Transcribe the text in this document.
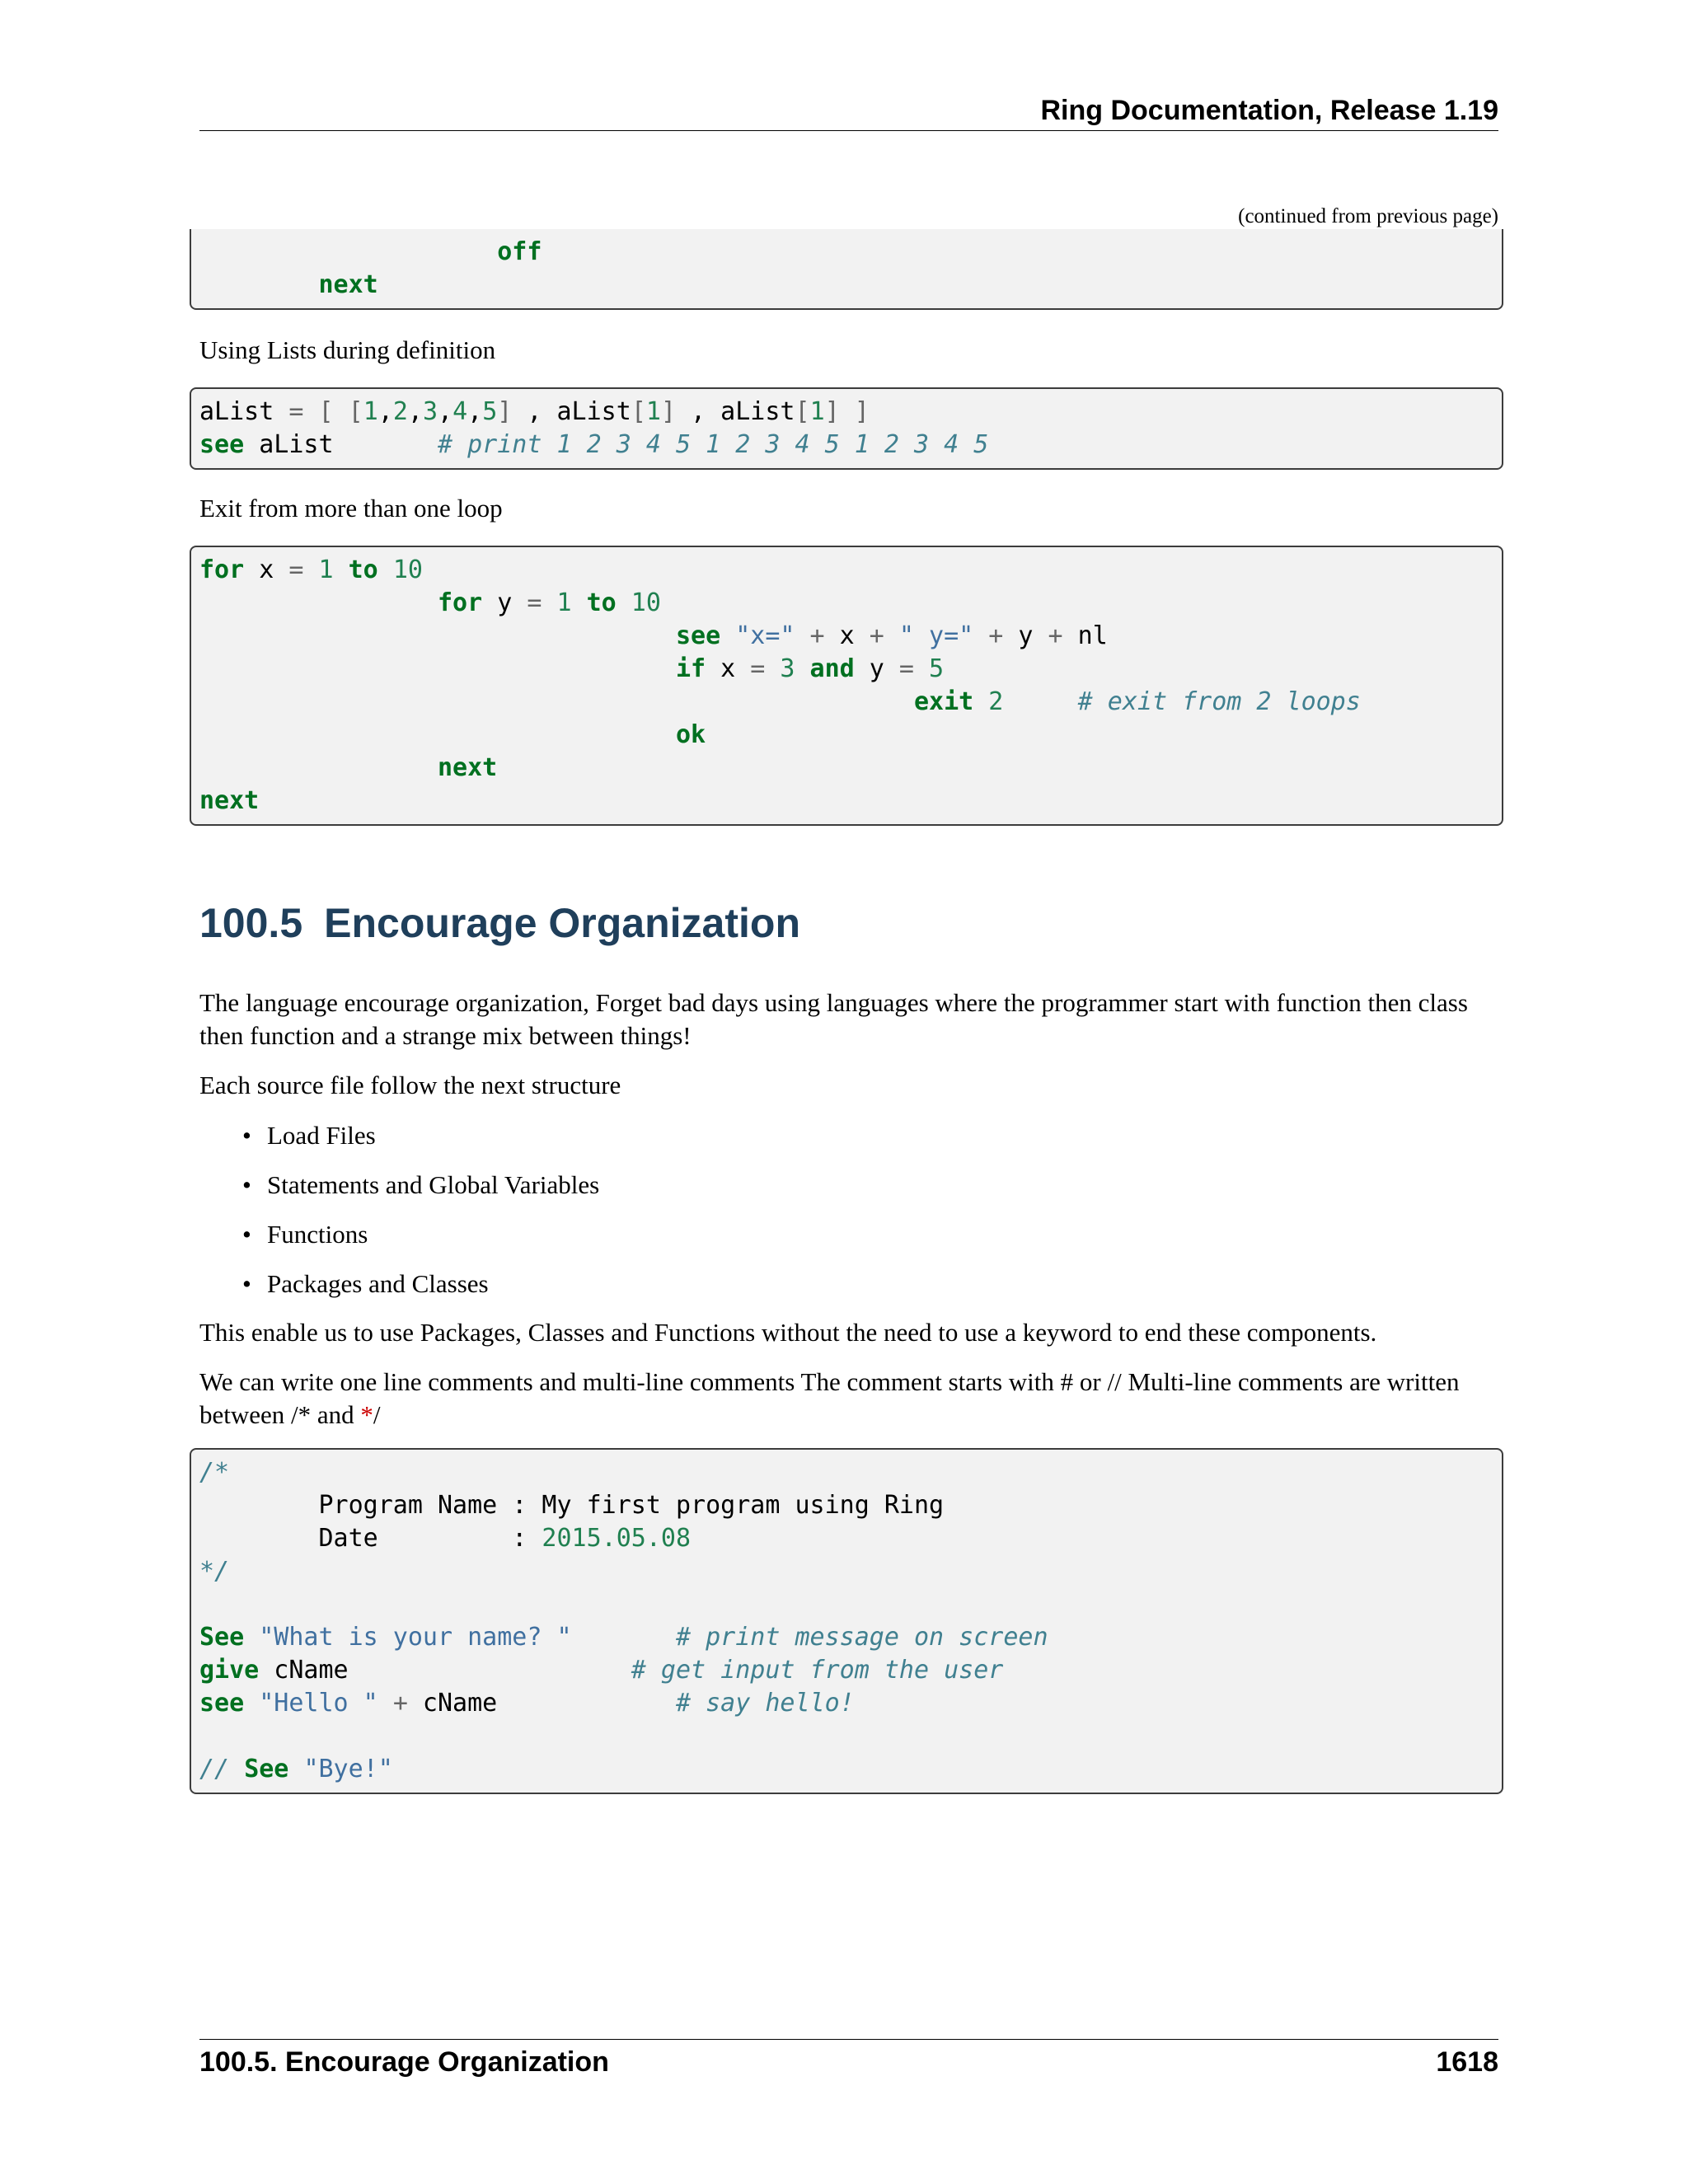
Ring Documentation, Release 1.19
(continued from previous page)
off
next

Using Lists during definition

aList = [ [1,2,3,4,5] , aList[1] , aList[1] ]
see aList       # print 1 2 3 4 5 1 2 3 4 5 1 2 3 4 5

Exit from more than one loop

for x = 1 to 10
for y = 1 to 10
see "x=" + x + " y=" + y + nl
if x = 3 and y = 5
exit 2	# exit from 2 loops
ok
next
next
100.5 Encourage Organization

The language encourage organization, Forget bad days using languages where the programmer start with function then class then function and a strange mix between things!

Each source file follow the next structure

• Load Files
• Statements and Global Variables
• Functions
• Packages and Classes

This enable us to use Packages, Classes and Functions without the need to use a keyword to end these components.

We can write one line comments and multi-line comments The comment starts with # or // Multi-line comments are written between /* and */

/*
Program Name : My first program using Ring
Date         : 2015.05.08
*/

See "What is your name? "	# print message on screen
give cName                   # get input from the user
see "Hello " + cName            # say hello!

// See "Bye!"
100.5. Encourage Organization	1618
